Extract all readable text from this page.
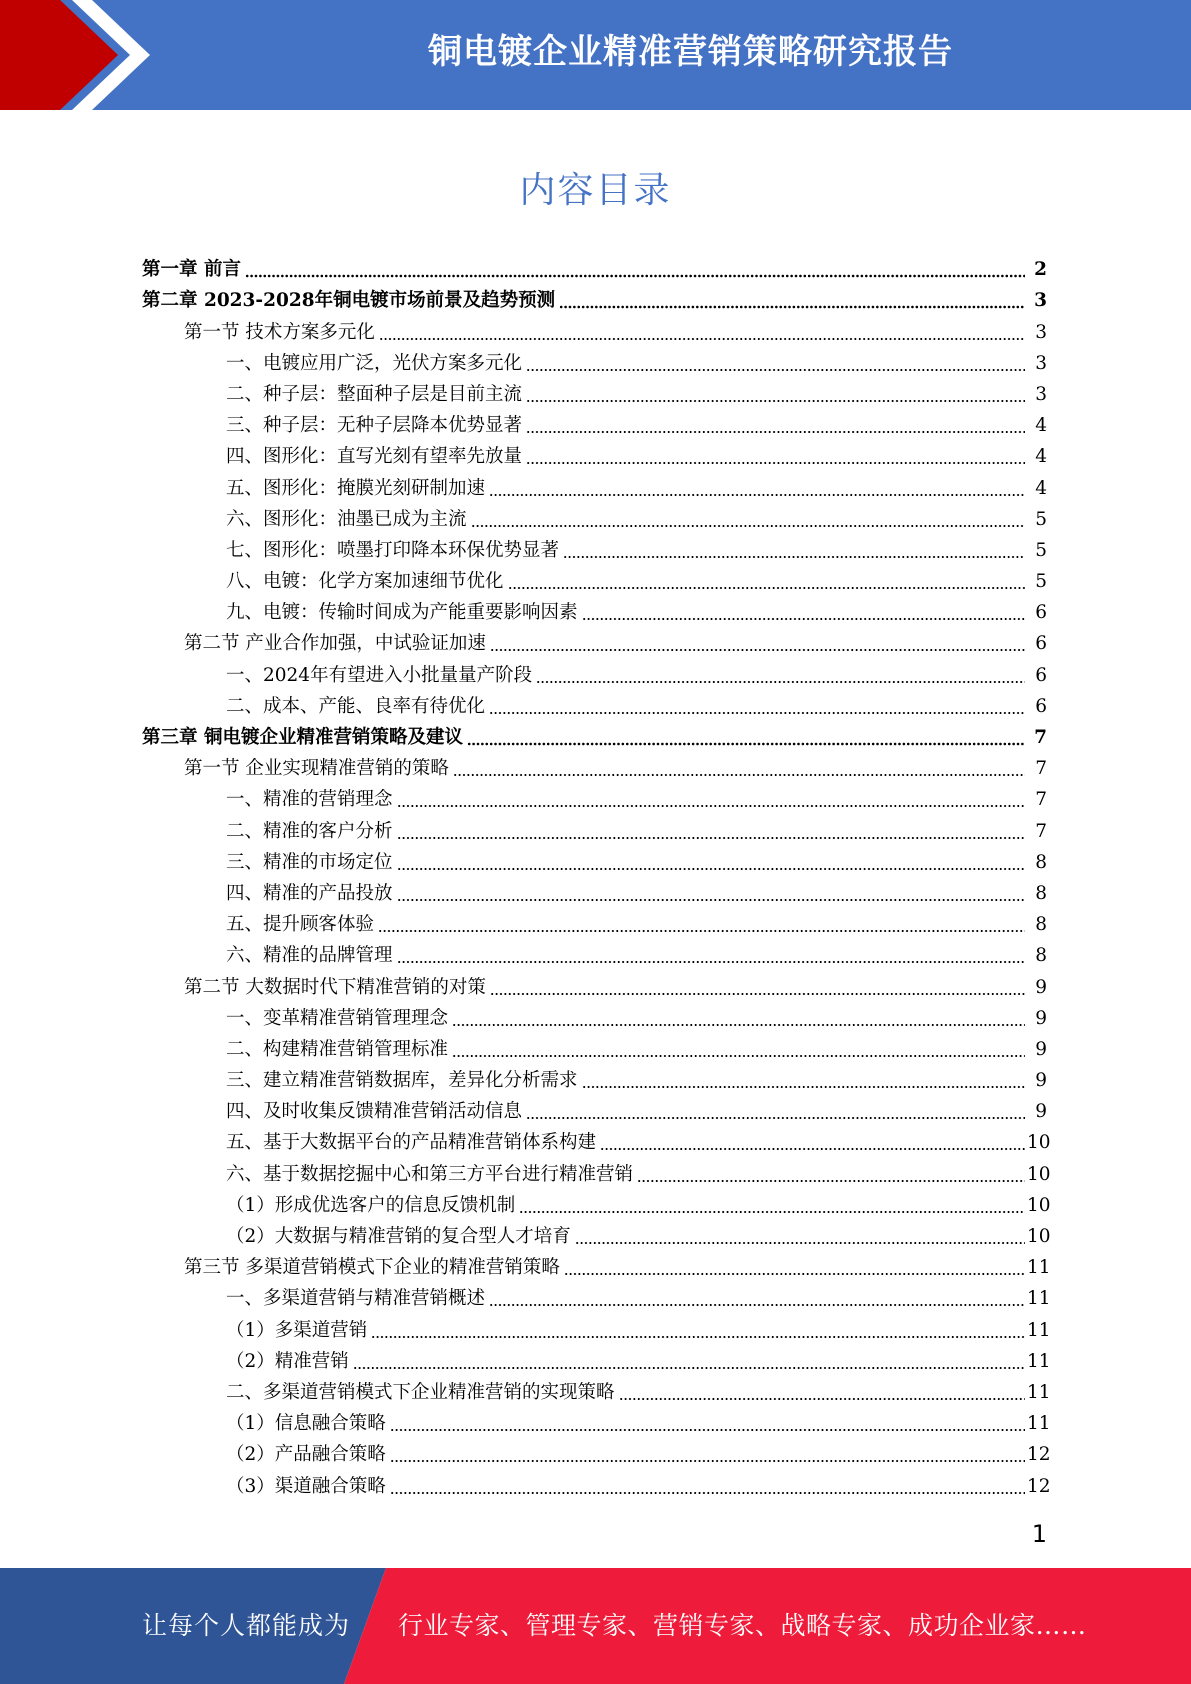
铜电镀企业精准营销策略研究报告
内容目录
第一章 前言	2
第二章 2023-2028年铜电镀市场前景及趋势预测	3
第一节 技术方案多元化	3
一、电镀应用广泛，光伏方案多元化	3
二、种子层：整面种子层是目前主流	3
三、种子层：无种子层降本优势显著	4
四、图形化：直写光刻有望率先放量	4
五、图形化：掩膜光刻研制加速	4
六、图形化：油墨已成为主流	5
七、图形化：喷墨打印降本环保优势显著	5
八、电镀：化学方案加速细节优化	5
九、电镀：传输时间成为产能重要影响因素	6
第二节 产业合作加强，中试验证加速	6
一、2024年有望进入小批量量产阶段	6
二、成本、产能、良率有待优化	6
第三章 铜电镀企业精准营销策略及建议	7
第一节 企业实现精准营销的策略	7
一、精准的营销理念	7
二、精准的客户分析	7
三、精准的市场定位	8
四、精准的产品投放	8
五、提升顾客体验	8
六、精准的品牌管理	8
第二节 大数据时代下精准营销的对策	9
一、变革精准营销管理理念	9
二、构建精准营销管理标准	9
三、建立精准营销数据库，差异化分析需求	9
四、及时收集反馈精准营销活动信息	9
五、基于大数据平台的产品精准营销体系构建	10
六、基于数据挖掘中心和第三方平台进行精准营销	10
（1）形成优选客户的信息反馈机制	10
（2）大数据与精准营销的复合型人才培育	10
第三节 多渠道营销模式下企业的精准营销策略	11
一、多渠道营销与精准营销概述	11
（1）多渠道营销	11
（2）精准营销	11
二、多渠道营销模式下企业精准营销的实现策略	11
（1）信息融合策略	11
（2）产品融合策略	12
（3）渠道融合策略	12
1
让每个人都能成为 行业专家、管理专家、营销专家、战略专家、成功企业家……
